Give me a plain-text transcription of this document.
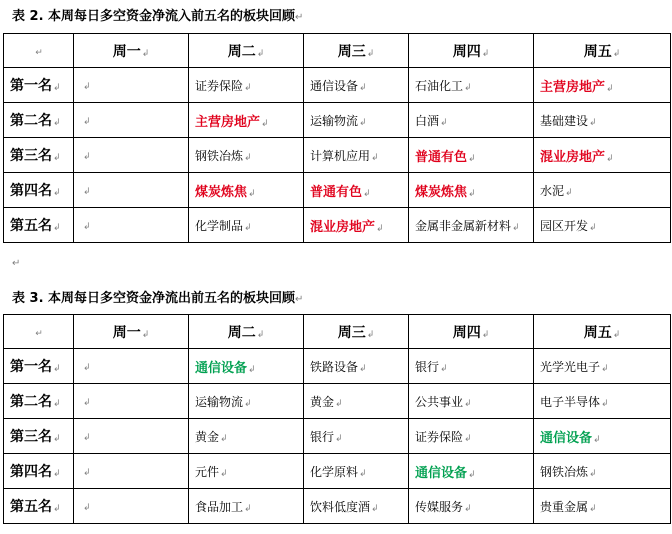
表 2. 本周每日多空资金净流入前五名的板块回顾↵
↵	周一↲	周二↲	周三↲	周四↲	周五↲
第一名↲	↲	证券保险↲	通信设备↲	石油化工↲	主营房地产↲
第二名↲	↲	主营房地产↲	运输物流↲	白酒↲	基础建设↲
第三名↲	↲	钢铁冶炼↲	计算机应用↲	普通有色↲	混业房地产↲
第四名↲	↲	煤炭炼焦↲	普通有色↲	煤炭炼焦↲	水泥↲
第五名↲	↲	化学制品↲	混业房地产↲	金属非金属新材料↲	园区开发↲
↵
表 3. 本周每日多空资金净流出前五名的板块回顾↵
↵	周一↲	周二↲	周三↲	周四↲	周五↲
第一名↲	↲	通信设备↲	铁路设备↲	银行↲	光学光电子↲
第二名↲	↲	运输物流↲	黄金↲	公共事业↲	电子半导体↲
第三名↲	↲	黄金↲	银行↲	证券保险↲	通信设备↲
第四名↲	↲	元件↲	化学原料↲	通信设备↲	钢铁冶炼↲
第五名↲	↲	食品加工↲	饮料低度酒↲	传媒服务↲	贵重金属↲
